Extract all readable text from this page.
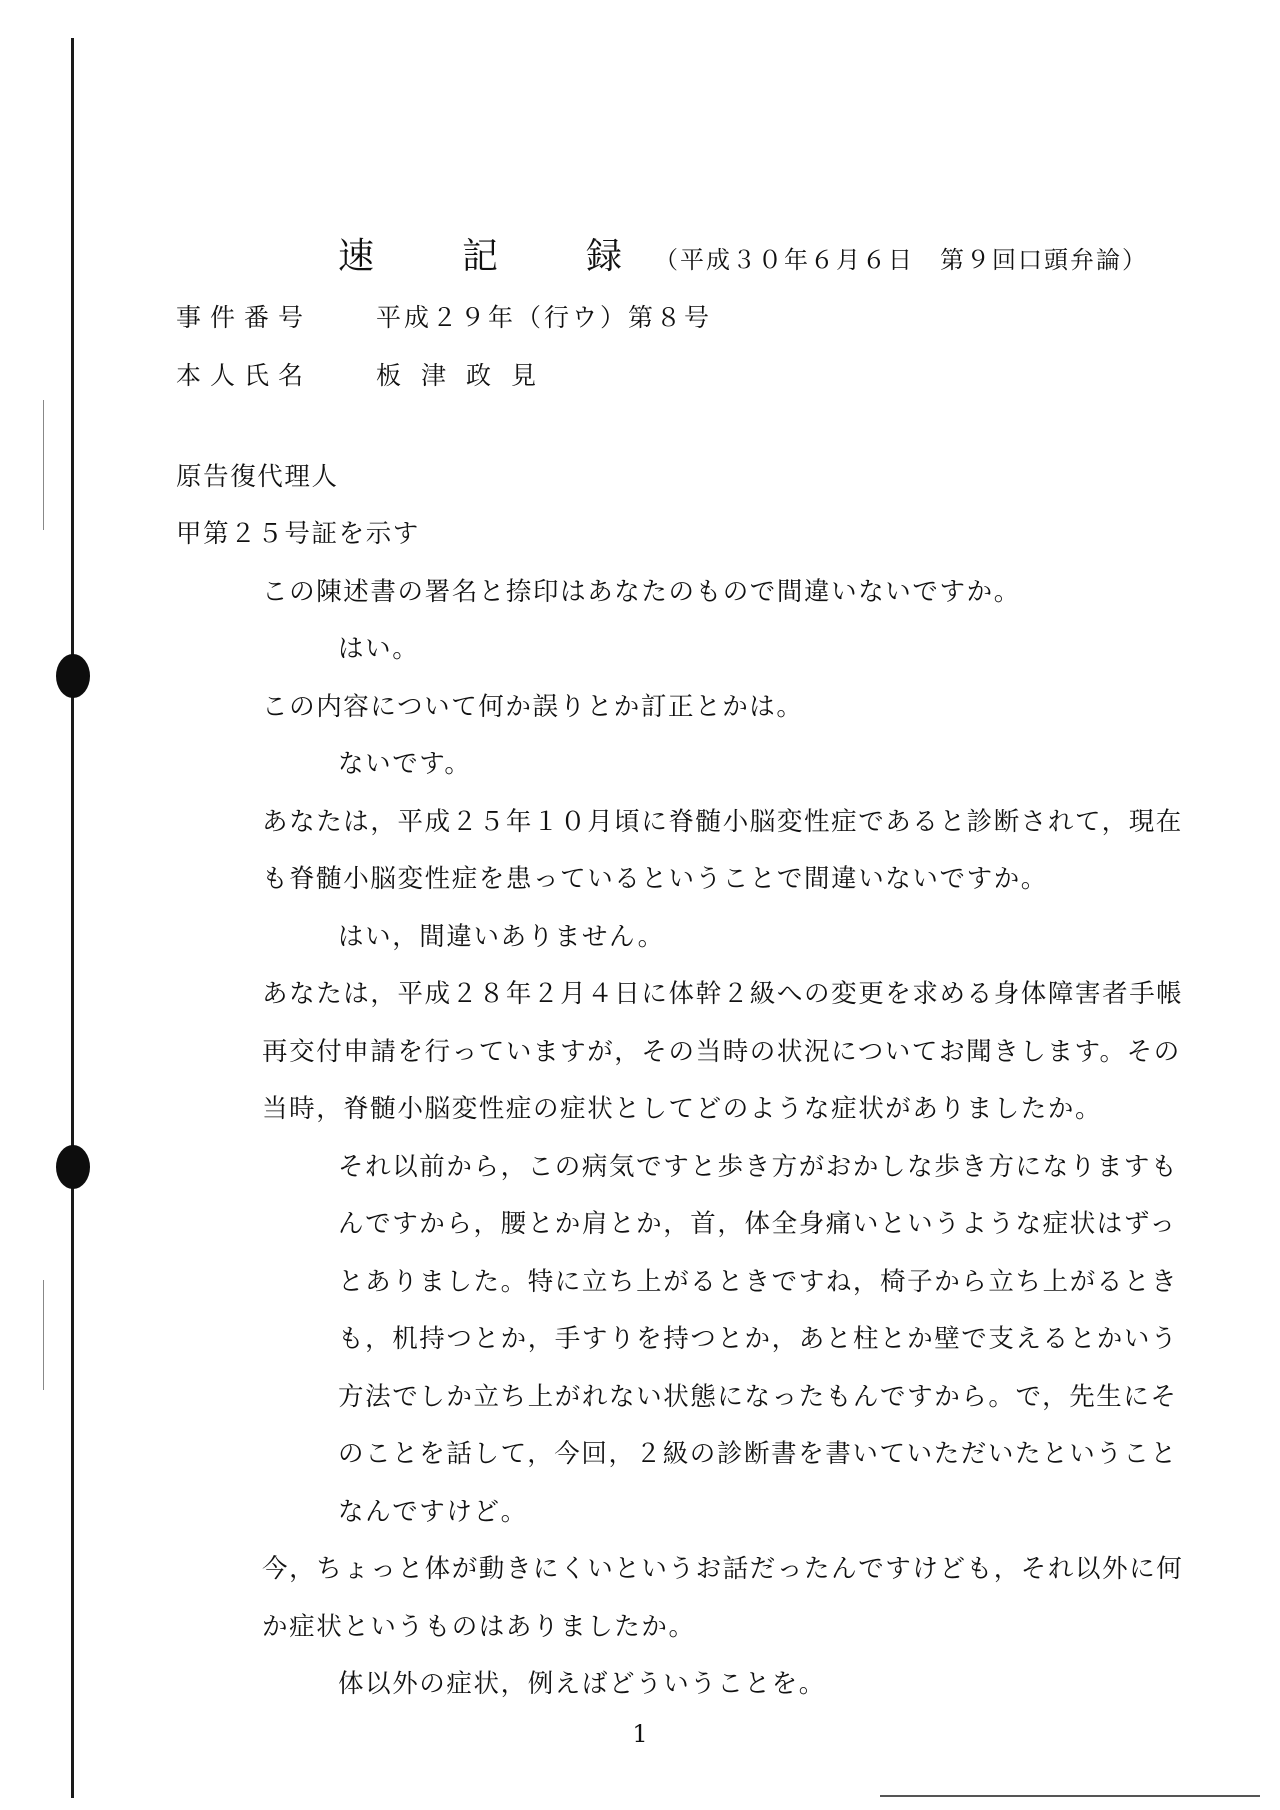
速　記　録 （平成３０年６月６日　第９回口頭弁論）
事件番号	平成２９年（行ウ）第８号
本人氏名	板津政見
原告復代理人
甲第２５号証を示す
この陳述書の署名と捺印はあなたのもので間違いないですか。
はい。
この内容について何か誤りとか訂正とかは。
ないです。
あなたは，平成２５年１０月頃に脊髄小脳変性症であると診断されて，現在
も脊髄小脳変性症を患っているということで間違いないですか。
はい，間違いありません。
あなたは，平成２８年２月４日に体幹２級への変更を求める身体障害者手帳
再交付申請を行っていますが，その当時の状況についてお聞きします。その
当時，脊髄小脳変性症の症状としてどのような症状がありましたか。
それ以前から，この病気ですと歩き方がおかしな歩き方になりますも
んですから，腰とか肩とか，首，体全身痛いというような症状はずっ
とありました。特に立ち上がるときですね，椅子から立ち上がるとき
も，机持つとか，手すりを持つとか，あと柱とか壁で支えるとかいう
方法でしか立ち上がれない状態になったもんですから。で，先生にそ
のことを話して，今回，２級の診断書を書いていただいたということ
なんですけど。
今，ちょっと体が動きにくいというお話だったんですけども，それ以外に何
か症状というものはありましたか。
体以外の症状，例えばどういうことを。
1
